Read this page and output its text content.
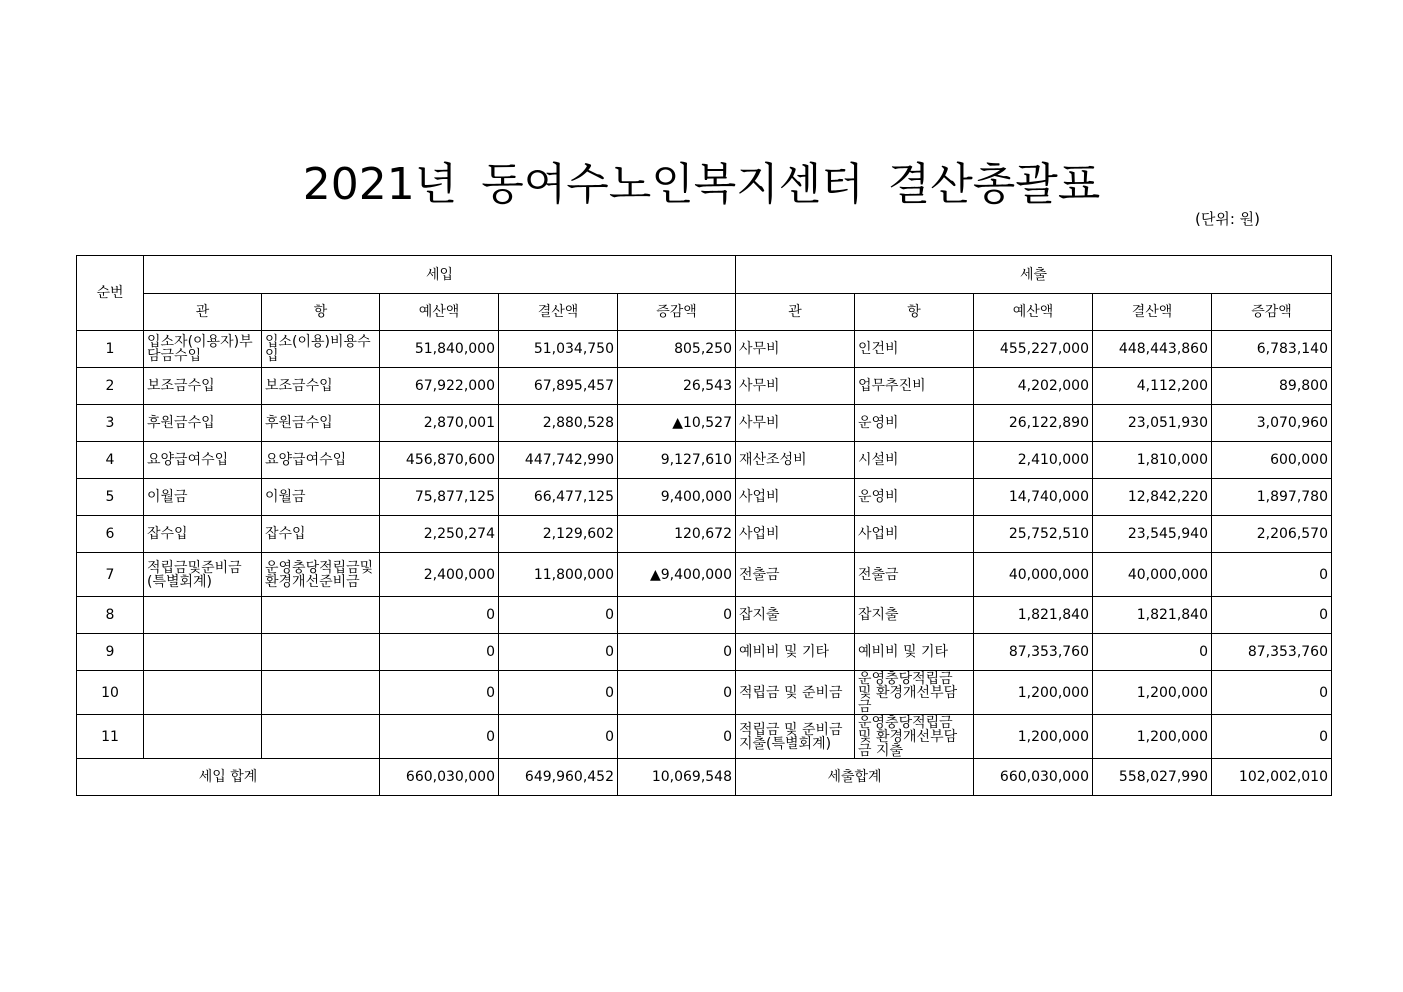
2021년 동여수노인복지센터 결산총괄표
(단위: 원)
순번	세입					세출				
	관	항	예산액	결산액	증감액	관	항	예산액	결산액	증감액
1	입소자(이용자)부담금수입	입소(이용)비용수입	51,840,000	51,034,750	805,250	사무비	인건비	455,227,000	448,443,860	6,783,140
2	보조금수입	보조금수입	67,922,000	67,895,457	26,543	사무비	업무추진비	4,202,000	4,112,200	89,800
3	후원금수입	후원금수입	2,870,001	2,880,528	▲10,527	사무비	운영비	26,122,890	23,051,930	3,070,960
4	요양급여수입	요양급여수입	456,870,600	447,742,990	9,127,610	재산조성비	시설비	2,410,000	1,810,000	600,000
5	이월금	이월금	75,877,125	66,477,125	9,400,000	사업비	운영비	14,740,000	12,842,220	1,897,780
6	잡수입	잡수입	2,250,274	2,129,602	120,672	사업비	사업비	25,752,510	23,545,940	2,206,570
7	적립금및준비금(특별회계)	운영충당적립금및환경개선준비금	2,400,000	11,800,000	▲9,400,000	전출금	전출금	40,000,000	40,000,000	0
8			0	0	0	잡지출	잡지출	1,821,840	1,821,840	0
9			0	0	0	예비비 및 기타	예비비 및 기타	87,353,760	0	87,353,760
10			0	0	0	적립금 및 준비금	운영충당적립금 및 환경개선부담금	1,200,000	1,200,000	0
11			0	0	0	적립금 및 준비금 지출(특별회계)	운영충당적립금 및 환경개선부담금 지출	1,200,000	1,200,000	0
세입 합계			660,030,000	649,960,452	10,069,548	세출합계		660,030,000	558,027,990	102,002,010
